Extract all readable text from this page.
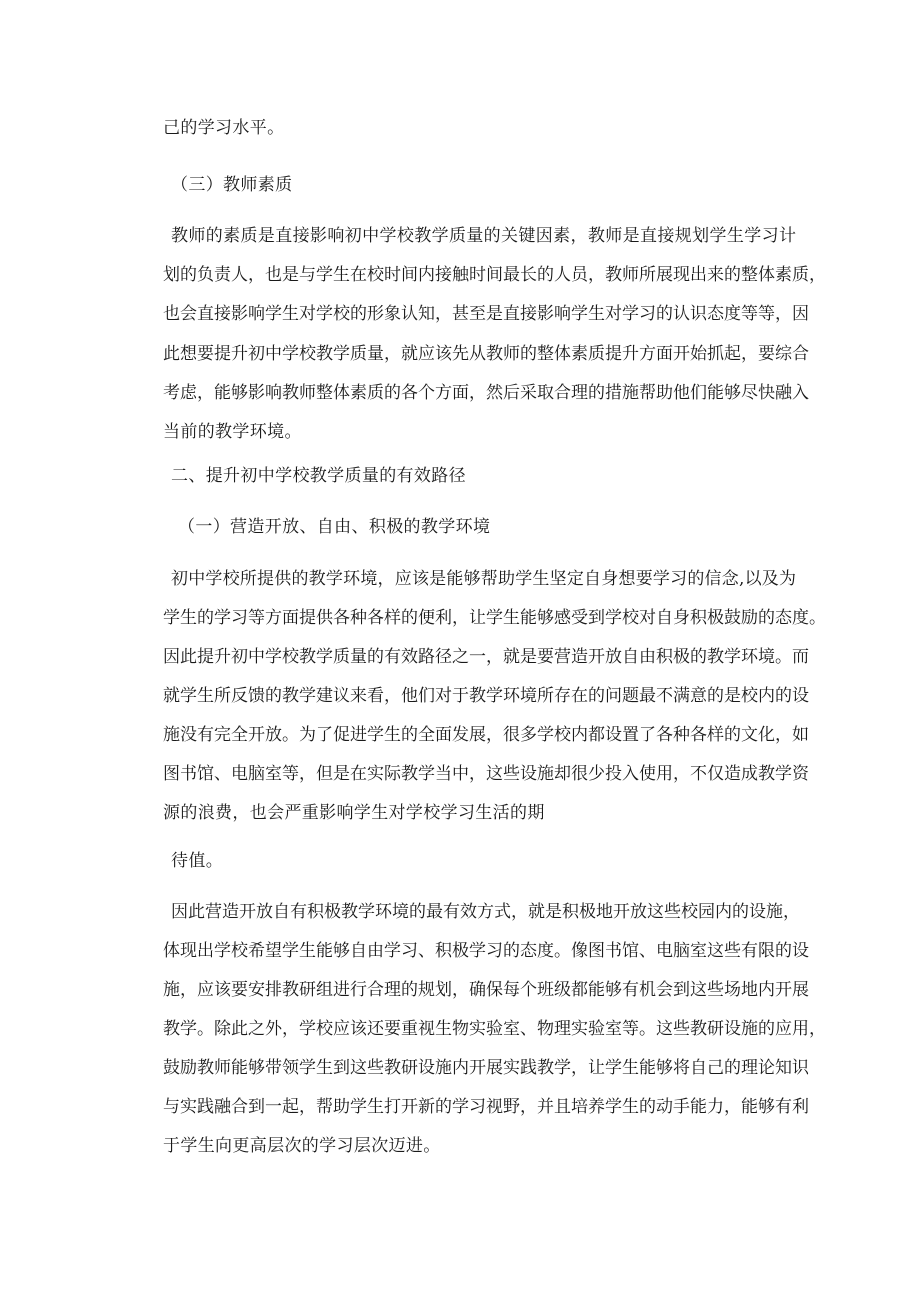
己的学习水平。
（三）教师素质
教师的素质是直接影响初中学校教学质量的关键因素，教师是直接规划学生学习计
划的负责人，也是与学生在校时间内接触时间最长的人员，教师所展现出来的整体素质，
也会直接影响学生对学校的形象认知，甚至是直接影响学生对学习的认识态度等等，因
此想要提升初中学校教学质量，就应该先从教师的整体素质提升方面开始抓起，要综合
考虑，能够影响教师整体素质的各个方面，然后采取合理的措施帮助他们能够尽快融入
当前的教学环境。
二、提升初中学校教学质量的有效路径
（一）营造开放、自由、积极的教学环境
初中学校所提供的教学环境，应该是能够帮助学生坚定自身想要学习的信念,以及为
学生的学习等方面提供各种各样的便利，让学生能够感受到学校对自身积极鼓励的态度。
因此提升初中学校教学质量的有效路径之一，就是要营造开放自由积极的教学环境。而
就学生所反馈的教学建议来看，他们对于教学环境所存在的问题最不满意的是校内的设
施没有完全开放。为了促进学生的全面发展，很多学校内都设置了各种各样的文化，如
图书馆、电脑室等，但是在实际教学当中，这些设施却很少投入使用，不仅造成教学资
源的浪费，也会严重影响学生对学校学习生活的期
待值。
因此营造开放自有积极教学环境的最有效方式，就是积极地开放这些校园内的设施，
体现出学校希望学生能够自由学习、积极学习的态度。像图书馆、电脑室这些有限的设
施，应该要安排教研组进行合理的规划，确保每个班级都能够有机会到这些场地内开展
教学。除此之外，学校应该还要重视生物实验室、物理实验室等。这些教研设施的应用，
鼓励教师能够带领学生到这些教研设施内开展实践教学，让学生能够将自己的理论知识
与实践融合到一起，帮助学生打开新的学习视野，并且培养学生的动手能力，能够有利
于学生向更高层次的学习层次迈进。
